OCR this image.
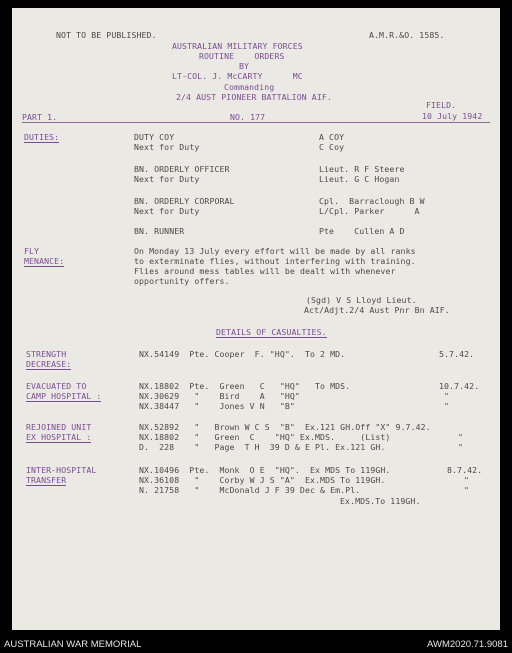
NOT TO BE PUBLISHED.	A.M.R.&O. 1585.
AUSTRALIAN MILITARY FORCES
ROUTINE    ORDERS
BY
LT-COL. J. McCARTY      MC
Commanding
2/4 AUST PIONEER BATTALION AIF.
PART 1.	NO. 177
FIELD.
10 July 1942
DUTIES:	DUTY COY	A COY
Next for Duty	C Coy
BN. ORDERLY OFFICER	Lieut. R F Steere
Next for Duty	Lieut. G C Hogan
BN. ORDERLY CORPORAL	Cpl.  Barraclough B W
Next for Duty	L/Cpl. Parker      A
BN. RUNNER	Pte    Cullen A D
FLY
MENANCE:
On Monday 13 July every effort will be made by all ranks
to exterminate flies, without interfering with training.
Flies around mess tables will be dealt with whenever
opportunity offers.
(Sgd) V S Lloyd Lieut.
Act/Adjt.2/4 Aust Pnr Bn AIF.
DETAILS OF CASUALTIES.
STRENGTH
DECREASE:
NX.54149  Pte. Cooper  F. "HQ".  To 2 MD.	5.7.42.
EVACUATED TO
CAMP HOSPITAL :
NX.18802  Pte.  Green   C   "HQ"   To MDS.	10.7.42.
NX.30629   "    Bird    A   "HQ"	"
NX.38447   "    Jones V N   "B"	"
REJOINED UNIT
EX HOSPITAL :
NX.52892   "   Brown W C S  "B"  Ex.121 GH.Off "X" 9.7.42.
NX.18802   "   Green  C    "HQ" Ex.MDS.     (List)	"
D.  228    "   Page  T H  39 D & E Pl. Ex.121 GH.	"
INTER-HOSPITAL
TRANSFER
NX.10496  Pte.  Monk  O E  "HQ".  Ex MDS To 119GH.	8.7.42.
NX.36108   "    Corby W J S "A"  Ex.MDS To 119GH.	"
N. 21758   "    McDonald J F 39 Dec & Em.Pl.	"
Ex.MDS.To 119GH.
AUSTRALIAN WAR MEMORIAL	AWM2020.71.9081
